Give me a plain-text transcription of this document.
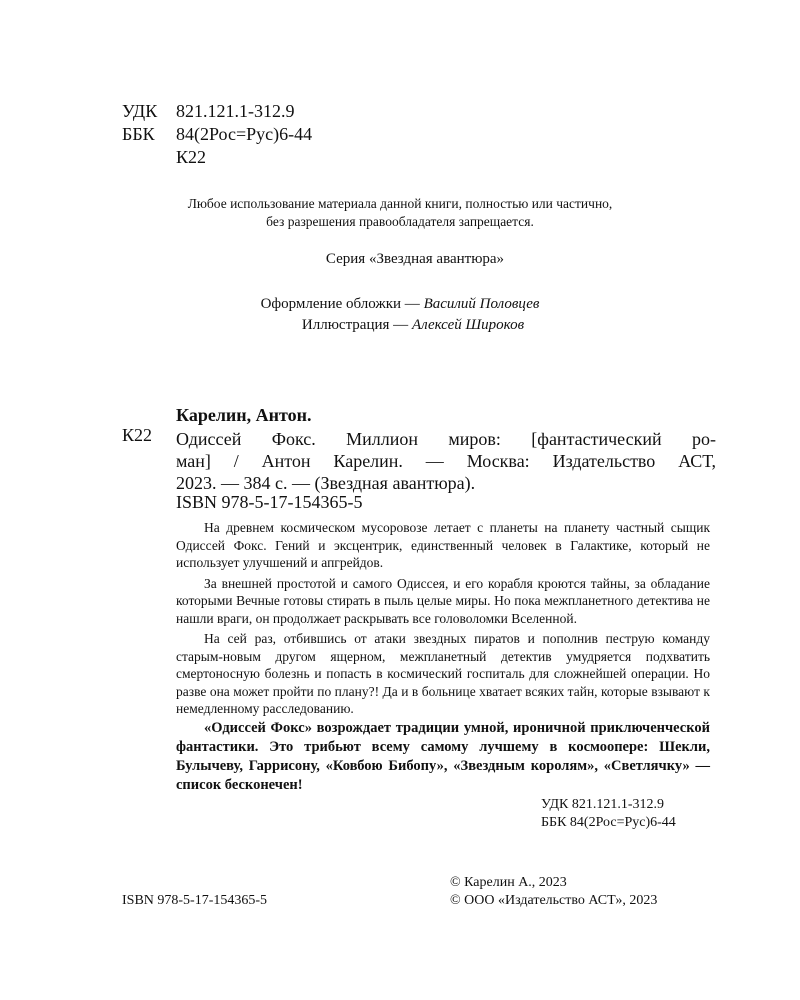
УДК 821.121.1-312.9
ББК 84(2Рос=Рус)6-44
К22
Любое использование материала данной книги, полностью или частично,
без разрешения правообладателя запрещается.
Серия «Звездная авантюра»
Оформление обложки — Василий Половцев
Иллюстрация — Алексей Широков
К22
Карелин, Антон.
Одиссей Фокс. Миллион миров: [фантастический ро-
ман] / Антон Карелин. — Москва: Издательство АСТ,
2023. — 384 с. — (Звездная авантюра).
ISBN 978-5-17-154365-5

На древнем космическом мусоровозе летает с планеты на планету частный сыщик Одиссей Фокс. Гений и эксцентрик, единственный человек в Галактике, который не использует улучшений и апгрейдов.

За внешней простотой и самого Одиссея, и его корабля кроются тайны, за обладание которыми Вечные готовы стирать в пыль целые миры. Но пока межпланетного детектива не нашли враги, он продолжает раскрывать все головоломки Вселенной.

На сей раз, отбившись от атаки звездных пиратов и пополнив пеструю команду старым-новым другом ящерном, межпланетный детектив умудряется подхватить смертоносную болезнь и попасть в космический госпиталь для сложнейшей операции. Но разве она может пройти по плану?! Да и в больнице хватает всяких тайн, которые взывают к немедленному расследованию.

«Одиссей Фокс» возрождает традиции умной, ироничной приключенческой фантастики. Это трибьют всему самому лучшему в космоопере: Шекли, Булычеву, Гаррисону, «Ковбою Бибопу», «Звездным королям», «Светлячку» — список бесконечен!

УДК 821.121.1-312.9
ББК 84(2Рос=Рус)6-44
ISBN 978-5-17-154365-5
© Карелин А., 2023
© ООО «Издательство АСТ», 2023
